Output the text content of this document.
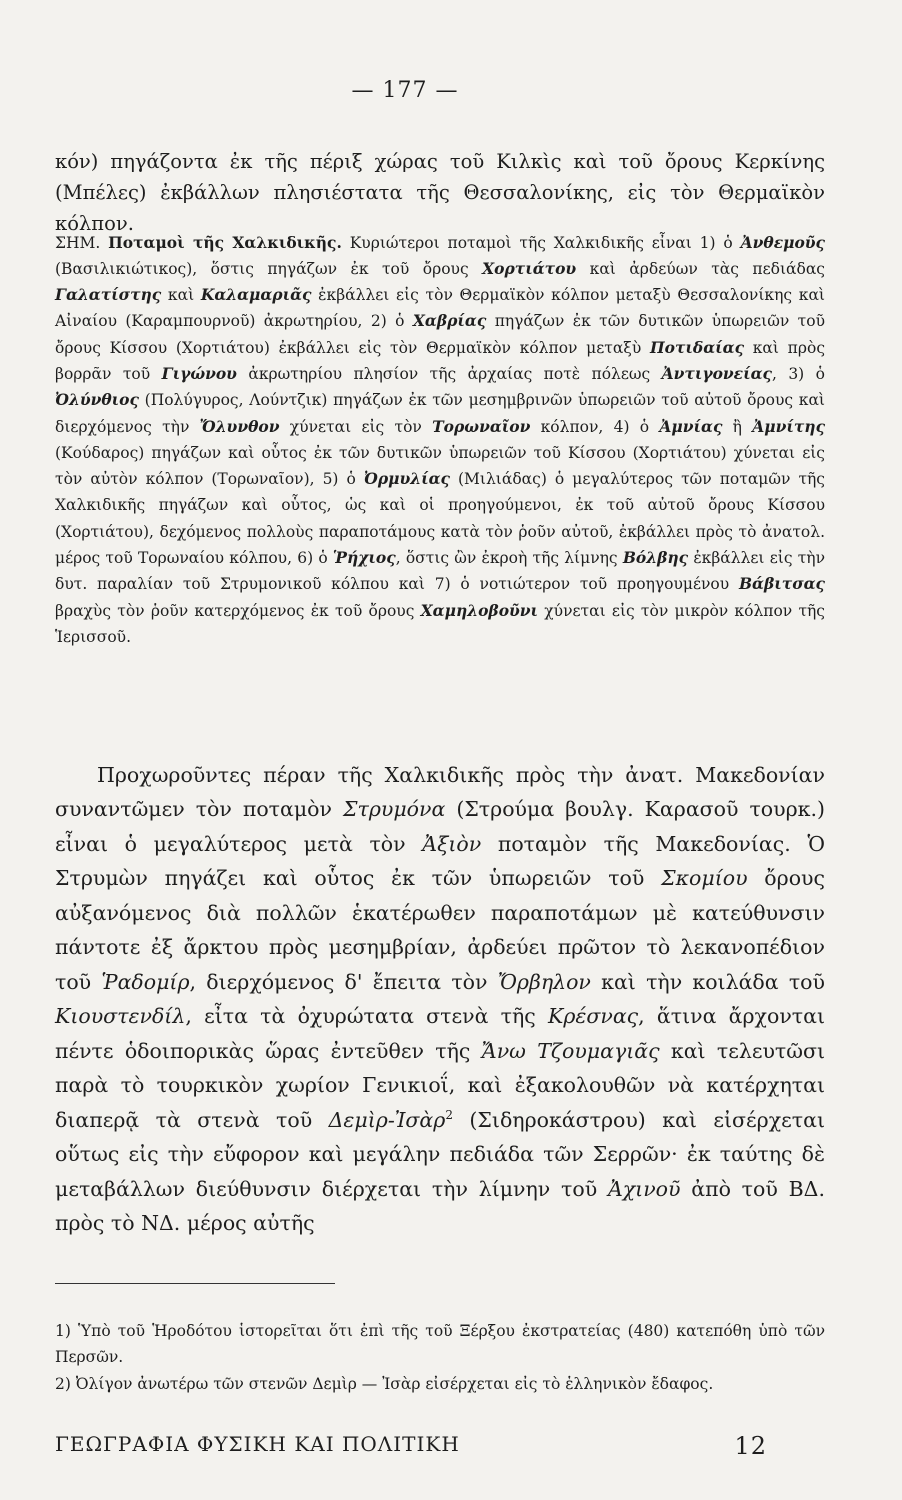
— 177 —

κόν) πηγάζοντα ἐκ τῆς πέριξ χώρας τοῦ Κιλκὶς καὶ τοῦ ὄρους Κερκίνης (Μπέλες) ἐκβάλλων πλησιέστατα τῆς Θεσσαλονίκης, εἰς τὸν Θερμαϊκὸν κόλπον.

ΣΗΜ. Ποταμοὶ τῆς Χαλκιδικῆς. Κυριώτεροι ποταμοὶ τῆς Χαλκιδικῆς εἶναι 1) ὁ Ἀνθεμοῦς (Βασιλικιώτικος), ὅστις πηγάζων ἐκ τοῦ ὄρους Χορτιάτου καὶ ἀρδεύων τὰς πεδιάδας Γαλατίστης καὶ Καλαμαριᾶς ἐκβάλλει εἰς τὸν Θερμαϊκὸν κόλπον μεταξὺ Θεσσαλονίκης καὶ Αἰναίου (Καραμπουρνοῦ) ἀκρωτηρίου, 2) ὁ Χαβρίας πηγάζων ἐκ τῶν δυτικῶν ὑπωρειῶν τοῦ ὄρους Κίσσου (Χορτιάτου) ἐκβάλλει εἰς τὸν Θερμαϊκὸν κόλπον μεταξὺ Ποτιδαίας καὶ πρὸς βορρᾶν τοῦ Γιγώνου ἀκρωτηρίου πλησίον τῆς ἀρχαίας ποτὲ πόλεως Ἀντιγονείας, 3) ὁ Ὀλύνθιος (Πολύγυρος, Λούντζικ) πηγάζων ἐκ τῶν μεσημβρινῶν ὑπωρειῶν τοῦ αὐτοῦ ὄρους καὶ διερχόμενος τὴν Ὄλυνθον χύνεται εἰς τὸν Τορωναῖον κόλπον, 4) ὁ Ἀμνίας ἢ Ἀμνίτης (Κούδαρος) πηγάζων καὶ οὗτος ἐκ τῶν δυτικῶν ὑπωρειῶν τοῦ Κίσσου (Χορτιάτου) χύνεται εἰς τὸν αὐτὸν κόλπον (Τορωναῖον), 5) ὁ Ὀρμυλίας (Μιλιάδας) ὁ μεγαλύτερος τῶν ποταμῶν τῆς Χαλκιδικῆς πηγάζων καὶ οὗτος, ὡς καὶ οἱ προηγούμενοι, ἐκ τοῦ αὐτοῦ ὄρους Κίσσου (Χορτιάτου), δεχόμενος πολλοὺς παραποτάμους κατὰ τὸν ῥοῦν αὐτοῦ, ἐκβάλλει πρὸς τὸ ἀνατολ. μέρος τοῦ Τορωναίου κόλπου, 6) ὁ Ῥήχιος, ὅστις ὢν ἐκροὴ τῆς λίμνης Βόλβης ἐκβάλλει εἰς τὴν δυτ. παραλίαν τοῦ Στρυμονικοῦ κόλπου καὶ 7) ὁ νοτιώτερον τοῦ προηγουμένου Βάβιτσας βραχὺς τὸν ῥοῦν κατερχόμενος ἐκ τοῦ ὄρους Χαμηλοβοῦνι χύνεται εἰς τὸν μικρὸν κόλπον τῆς Ἱερισσοῦ.

Προχωροῦντες πέραν τῆς Χαλκιδικῆς πρὸς τὴν ἀνατ. Μακεδονίαν συναντῶμεν τὸν ποταμὸν Στρυμόνα (Στρούμα βουλγ. Καρασοῦ τουρκ.) εἶναι ὁ μεγαλύτερος μετὰ τὸν Ἀξιὸν ποταμὸν τῆς Μακεδονίας. Ὁ Στρυμὼν πηγάζει καὶ οὗτος ἐκ τῶν ὑπωρειῶν τοῦ Σκομίου ὄρους αὐξανόμενος διὰ πολλῶν ἑκατέρωθεν παραποτάμων μὲ κατεύθυνσιν πάντοτε ἐξ ἄρκτου πρὸς μεσημβρίαν, ἀρδεύει πρῶτον τὸ λεκανοπέδιον τοῦ Ῥαδομίρ, διερχόμενος δ' ἔπειτα τὸν Ὄρβηλον καὶ τὴν κοιλάδα τοῦ Κιουστενδίλ, εἶτα τὰ ὀχυρώτατα στενὰ τῆς Κρέσνας, ἅτινα ἄρχονται πέντε ὁδοιπορικὰς ὥρας ἐντεῦθεν τῆς Ἄνω Τζουμαγιᾶς καὶ τελευτῶσι παρὰ τὸ τουρκικὸν χωρίον Γενικιοΐ, καὶ ἐξακολουθῶν νὰ κατέρχηται διαπερᾷ τὰ στενὰ τοῦ Δεμὶρ-Ἰσὰρ$^2$ (Σιδηροκάστρου) καὶ εἰσέρχεται οὕτως εἰς τὴν εὔφορον καὶ μεγάλην πεδιάδα τῶν Σερρῶν· ἐκ ταύτης δὲ μεταβάλλων διεύθυνσιν διέρχεται τὴν λίμνην τοῦ Ἀχινοῦ ἀπὸ τοῦ ΒΔ. πρὸς τὸ ΝΔ. μέρος αὐτῆς

1) Ὑπὸ τοῦ Ἡροδότου ἱστορεῖται ὅτι ἐπὶ τῆς τοῦ Ξέρξου ἐκστρατείας (480) κατεπόθη ὑπὸ τῶν Περσῶν.

2) Ὀλίγον ἀνωτέρω τῶν στενῶν Δεμὶρ — Ἰσὰρ εἰσέρχεται εἰς τὸ ἑλληνικὸν ἔδαφος.

ΓΕΩΓΡΑΦΙΑ ΦΥΣΙΚΗ ΚΑΙ ΠΟΛΙΤΙΚΗ	12
